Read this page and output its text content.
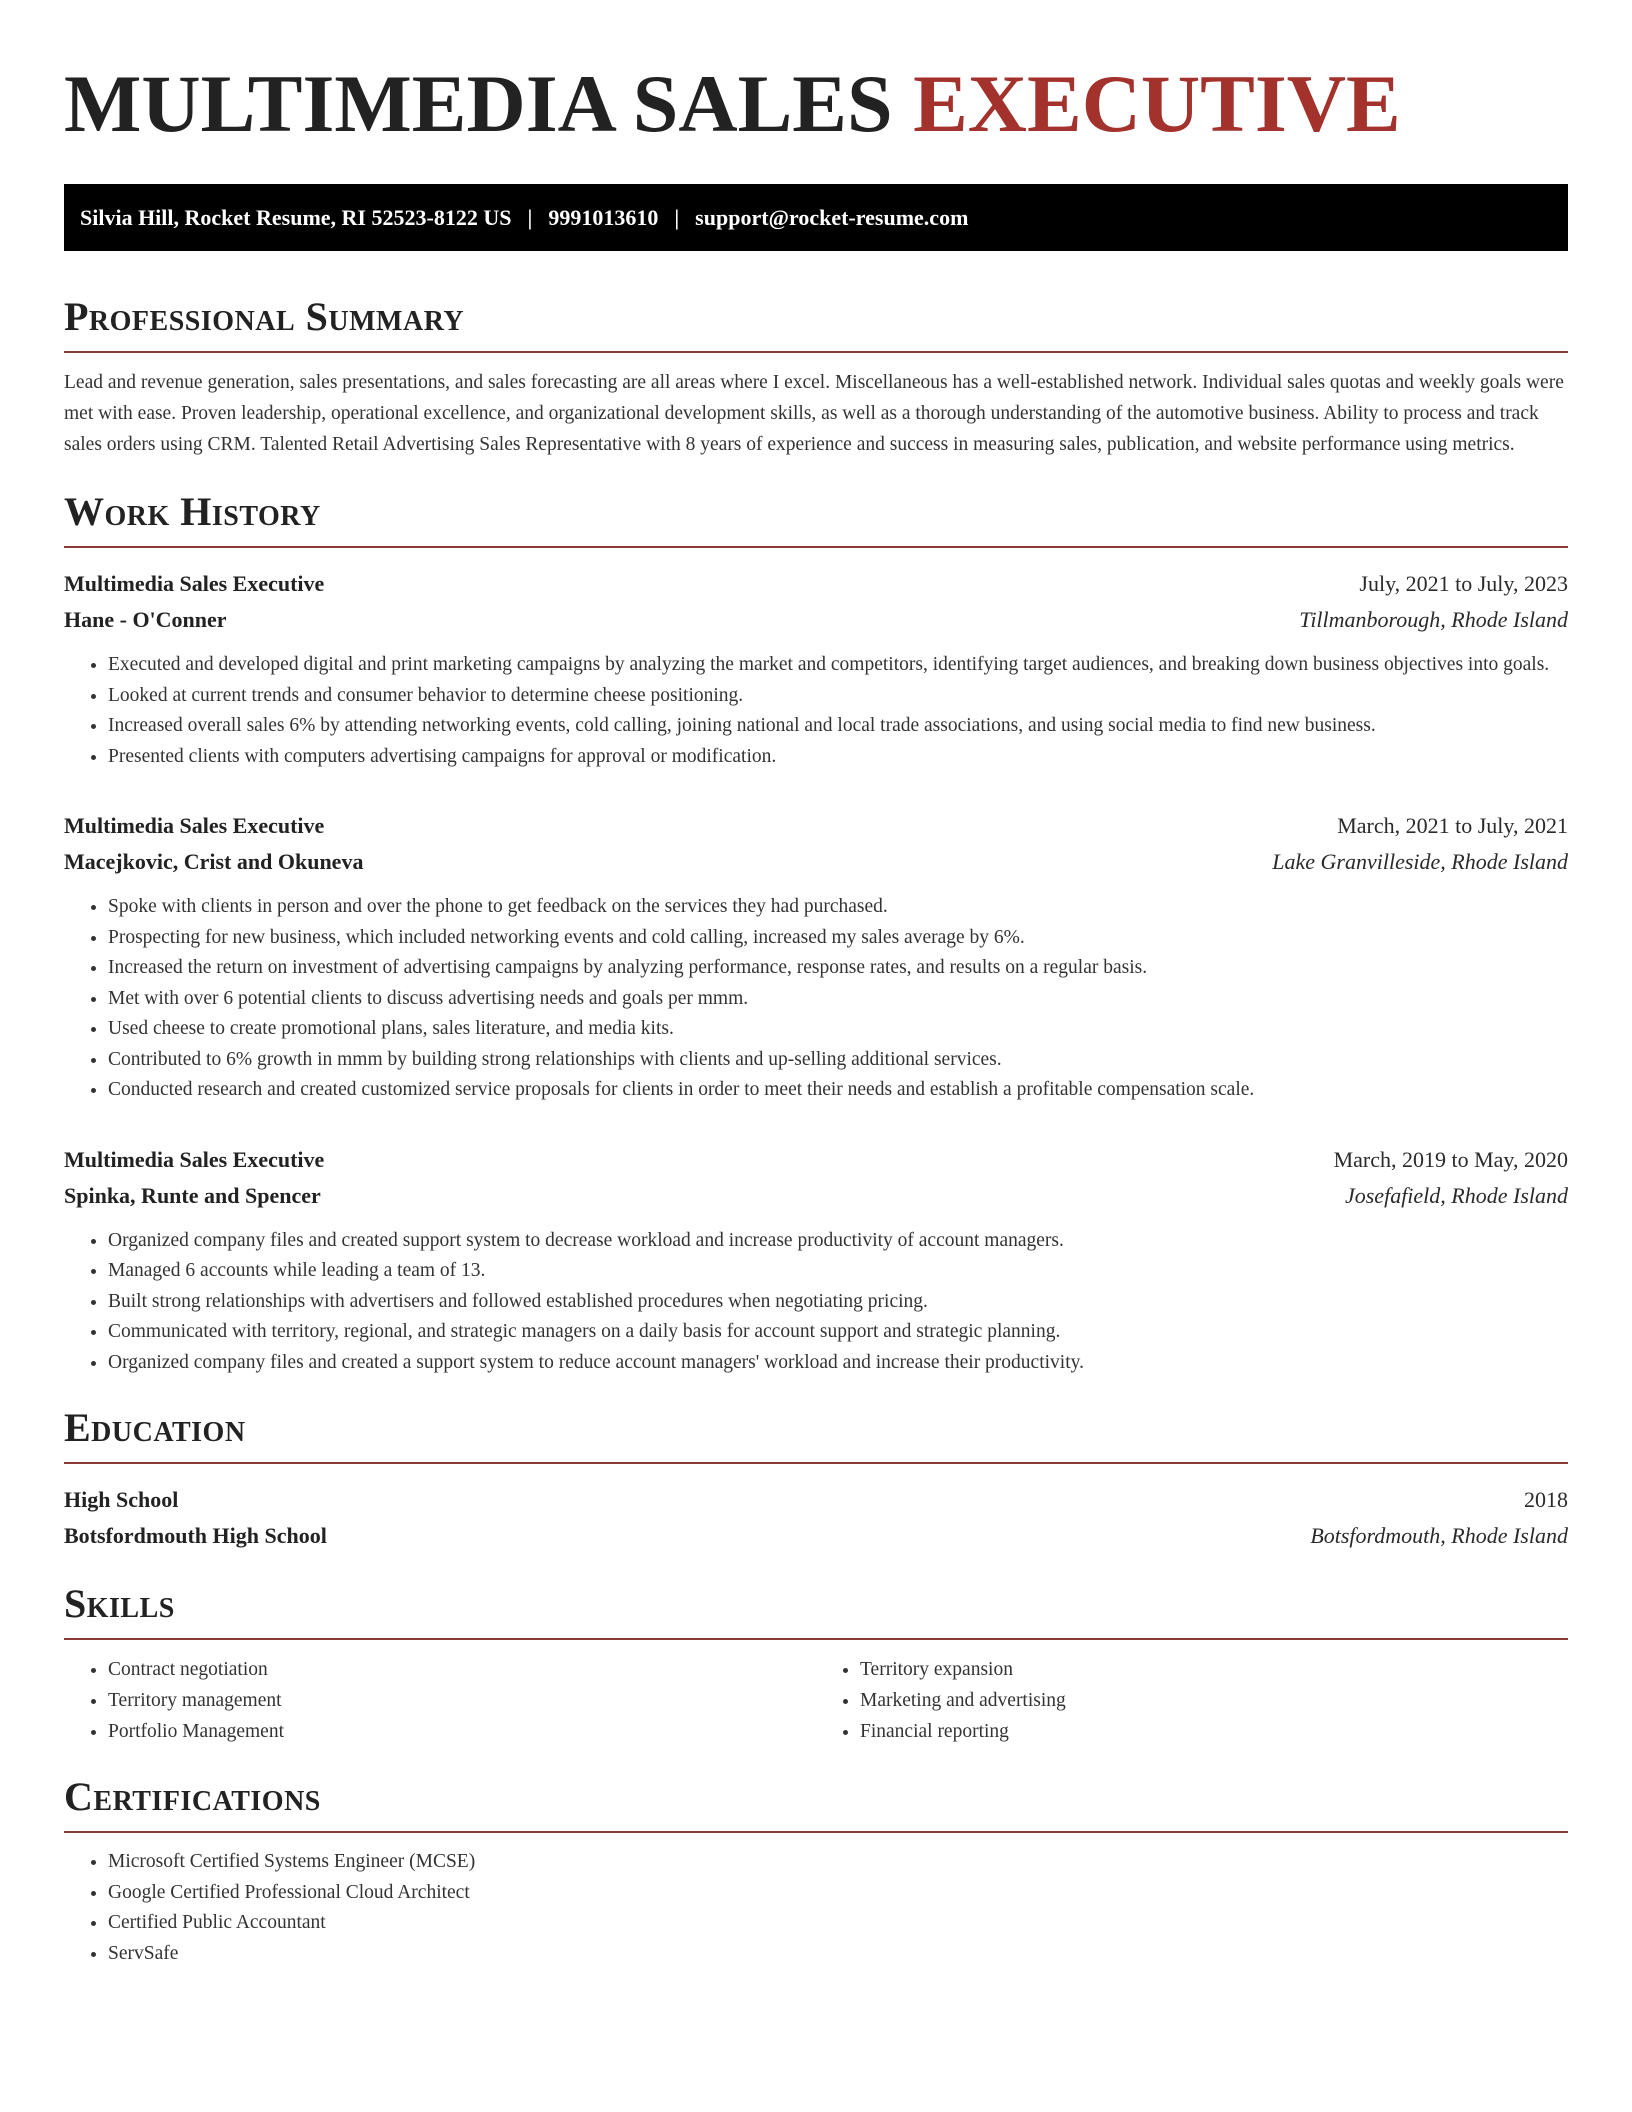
MULTIMEDIA SALES EXECUTIVE
Silvia Hill, Rocket Resume, RI 52523-8122 US | 9991013610 | support@rocket-resume.com
Professional Summary

Lead and revenue generation, sales presentations, and sales forecasting are all areas where I excel. Miscellaneous has a well-established network. Individual sales quotas and weekly goals were met with ease. Proven leadership, operational excellence, and organizational development skills, as well as a thorough understanding of the automotive business. Ability to process and track sales orders using CRM. Talented Retail Advertising Sales Representative with 8 years of experience and success in measuring sales, publication, and website performance using metrics.

Work History
Multimedia Sales Executive	July, 2021 to July, 2023
Hane - O'Conner	Tillmanborough, Rhode Island
• Executed and developed digital and print marketing campaigns by analyzing the market and competitors, identifying target audiences, and breaking down business objectives into goals.
• Looked at current trends and consumer behavior to determine cheese positioning.
• Increased overall sales 6% by attending networking events, cold calling, joining national and local trade associations, and using social media to find new business.
• Presented clients with computers advertising campaigns for approval or modification.
Multimedia Sales Executive	March, 2021 to July, 2021
Macejkovic, Crist and Okuneva	Lake Granvilleside, Rhode Island
• Spoke with clients in person and over the phone to get feedback on the services they had purchased.
• Prospecting for new business, which included networking events and cold calling, increased my sales average by 6%.
• Increased the return on investment of advertising campaigns by analyzing performance, response rates, and results on a regular basis.
• Met with over 6 potential clients to discuss advertising needs and goals per mmm.
• Used cheese to create promotional plans, sales literature, and media kits.
• Contributed to 6% growth in mmm by building strong relationships with clients and up-selling additional services.
• Conducted research and created customized service proposals for clients in order to meet their needs and establish a profitable compensation scale.
Multimedia Sales Executive	March, 2019 to May, 2020
Spinka, Runte and Spencer	Josefafield, Rhode Island
• Organized company files and created support system to decrease workload and increase productivity of account managers.
• Managed 6 accounts while leading a team of 13.
• Built strong relationships with advertisers and followed established procedures when negotiating pricing.
• Communicated with territory, regional, and strategic managers on a daily basis for account support and strategic planning.
• Organized company files and created a support system to reduce account managers' workload and increase their productivity.
Education
High School	2018
Botsfordmouth High School	Botsfordmouth, Rhode Island
Skills
• Contract negotiation
• Territory management
• Portfolio Management
• Territory expansion
• Marketing and advertising
• Financial reporting
Certifications
• Microsoft Certified Systems Engineer (MCSE)
• Google Certified Professional Cloud Architect
• Certified Public Accountant
• ServSafe
